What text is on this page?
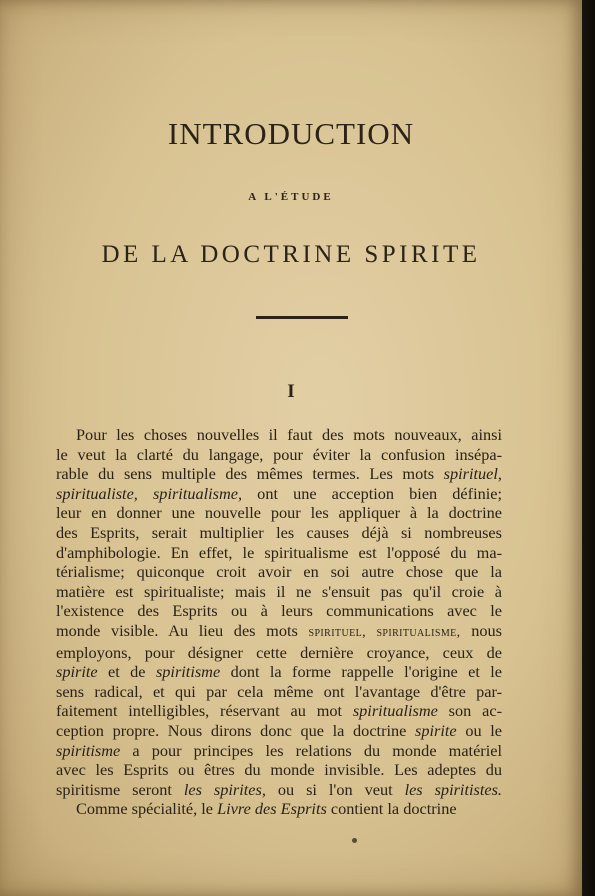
INTRODUCTION
A L'ÉTUDE
DE LA DOCTRINE SPIRITE
I
Pour les choses nouvelles il faut des mots nouveaux, ainsi
le veut la clarté du langage, pour éviter la confusion insépa-
rable du sens multiple des mêmes termes. Les mots spirituel,
spiritualiste, spiritualisme, ont une acception bien définie;
leur en donner une nouvelle pour les appliquer à la doctrine
des Esprits, serait multiplier les causes déjà si nombreuses
d'amphibologie. En effet, le spiritualisme est l'opposé du ma-
térialisme; quiconque croit avoir en soi autre chose que la
matière est spiritualiste; mais il ne s'ensuit pas qu'il croie à
l'existence des Esprits ou à leurs communications avec le
monde visible. Au lieu des mots spirituel, spiritualisme, nous
employons, pour désigner cette dernière croyance, ceux de
spirite et de spiritisme dont la forme rappelle l'origine et le
sens radical, et qui par cela même ont l'avantage d'être par-
faitement intelligibles, réservant au mot spiritualisme son ac-
ception propre. Nous dirons donc que la doctrine spirite ou le
spiritisme a pour principes les relations du monde matériel
avec les Esprits ou êtres du monde invisible. Les adeptes du
spiritisme seront les spirites, ou si l'on veut les spiritistes.
Comme spécialité, le Livre des Esprits contient la doctrine
